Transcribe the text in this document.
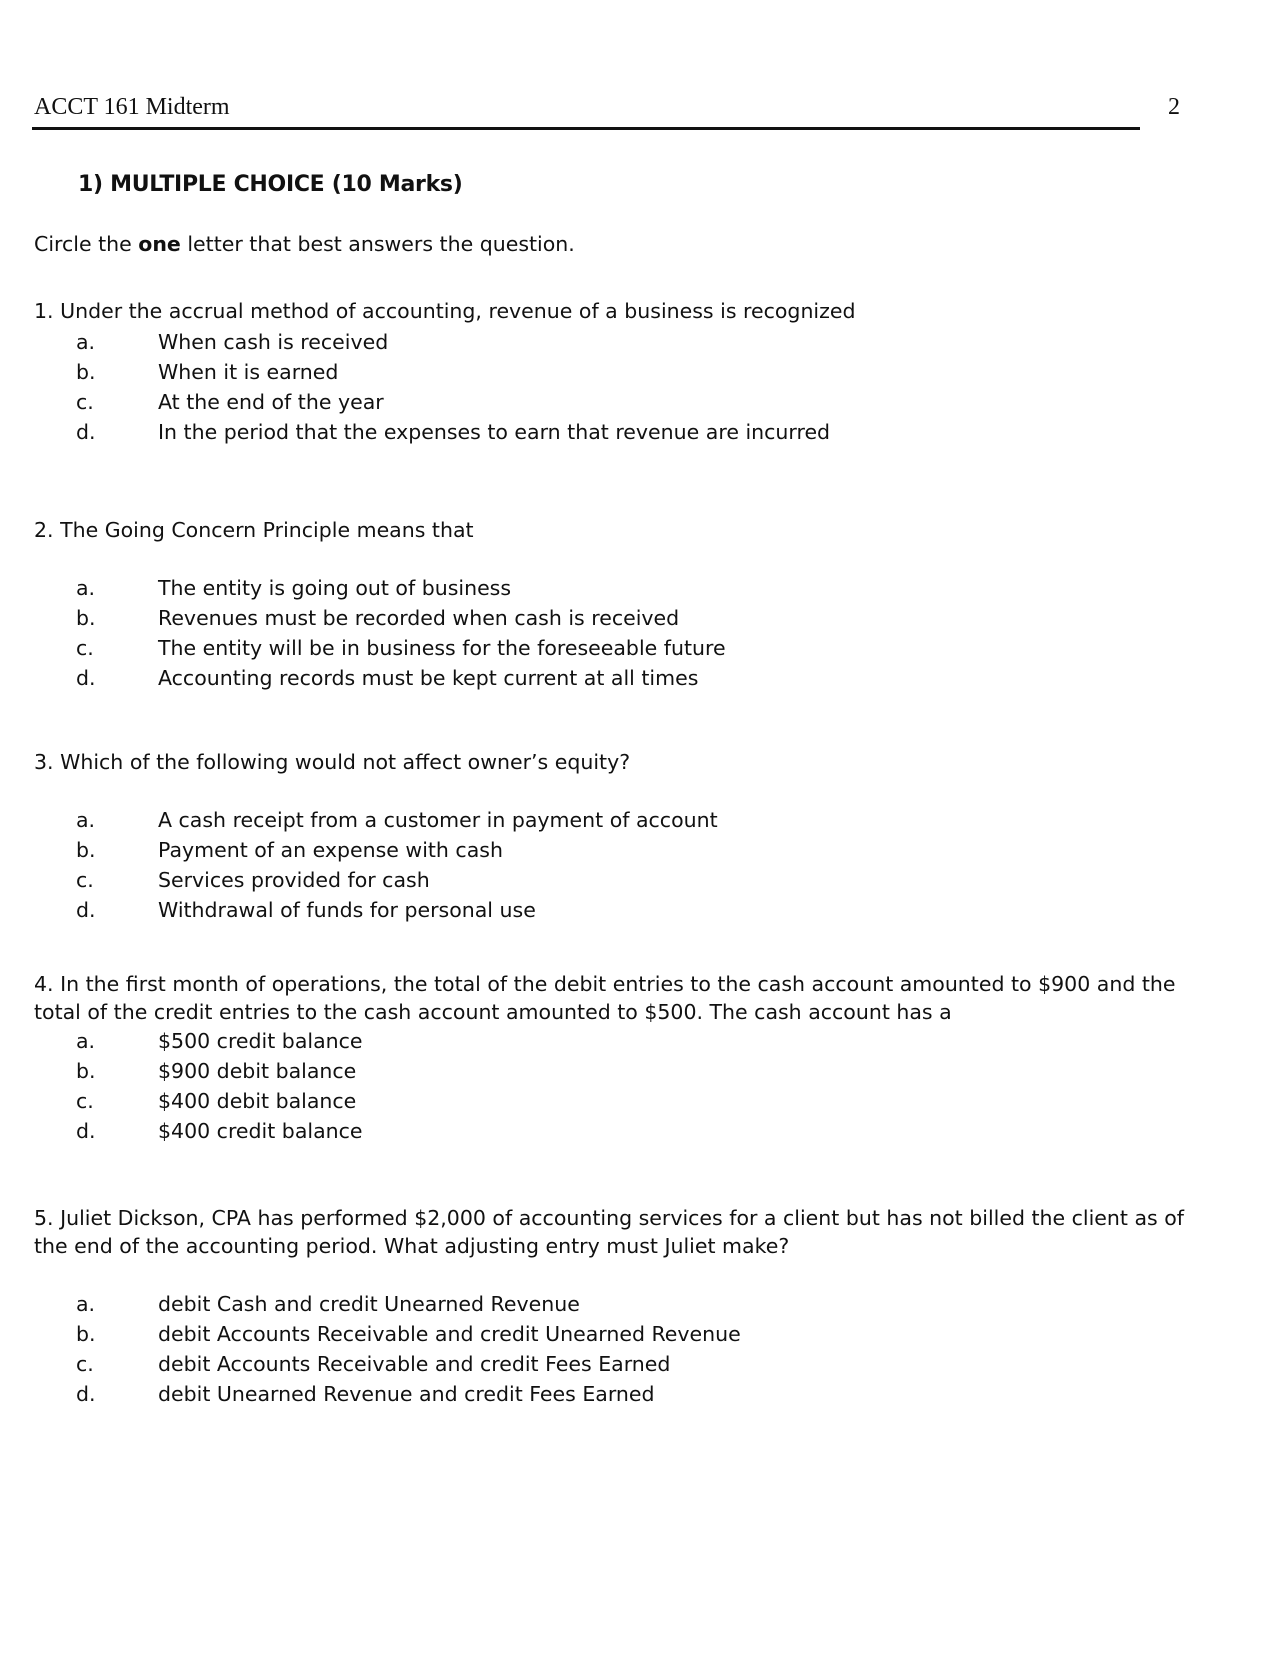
ACCT 161 Midterm	2
1) MULTIPLE CHOICE (10 Marks)
Circle the one letter that best answers the question.

1. Under the accrual method of accounting, revenue of a business is recognized

a.	When cash is received
b.	When it is earned
c.	At the end of the year
d.	In the period that the expenses to earn that revenue are incurred

2. The Going Concern Principle means that

a.	The entity is going out of business
b.	Revenues must be recorded when cash is received
c.	The entity will be in business for the foreseeable future
d.	Accounting records must be kept current at all times

3. Which of the following would not affect owner’s equity?

a.	A cash receipt from a customer in payment of account
b.	Payment of an expense with cash
c.	Services provided for cash
d.	Withdrawal of funds for personal use

4. In the first month of operations, the total of the debit entries to the cash account amounted to $900 and the total of the credit entries to the cash account amounted to $500. The cash account has a

a.	$500 credit balance
b.	$900 debit balance
c.	$400 debit balance
d.	$400 credit balance

5. Juliet Dickson, CPA has performed $2,000 of accounting services for a client but has not billed the client as of the end of the accounting period. What adjusting entry must Juliet make?

a.	debit Cash and credit Unearned Revenue
b.	debit Accounts Receivable and credit Unearned Revenue
c.	debit Accounts Receivable and credit Fees Earned
d.	debit Unearned Revenue and credit Fees Earned
